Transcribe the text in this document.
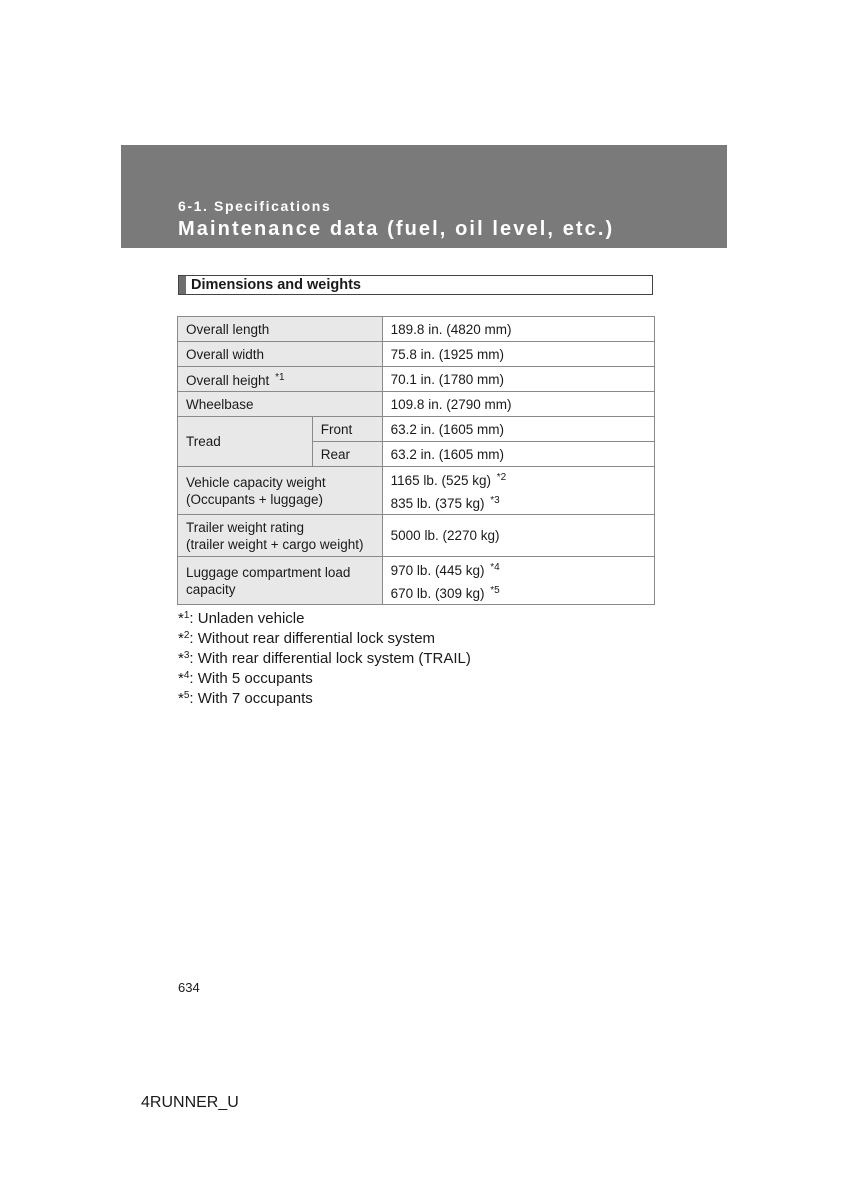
6-1. Specifications
Maintenance data (fuel, oil level, etc.)
Dimensions and weights
Overall length		189.8 in. (4820 mm)
Overall width		75.8 in. (1925 mm)
Overall height $^{*1}$		70.1 in. (1780 mm)
Wheelbase		109.8 in. (2790 mm)
Tread	Front	63.2 in. (1605 mm)
	Rear	63.2 in. (1605 mm)

Vehicle capacity weight
(Occupants + luggage)		1165 lb. (525 kg) $^{*2}$
835 lb. (375 kg) $^{*3}$

Trailer weight rating
(trailer weight + cargo weight)		5000 lb. (2270 kg)

Luggage compartment load
capacity		970 lb. (445 kg) $^{*4}$
670 lb. (309 kg) $^{*5}$
*$^1$: Unladen vehicle
*$^2$: Without rear differential lock system
*$^3$: With rear differential lock system (TRAIL)
*$^4$: With 5 occupants
*$^5$: With 7 occupants
634
4RUNNER_U
